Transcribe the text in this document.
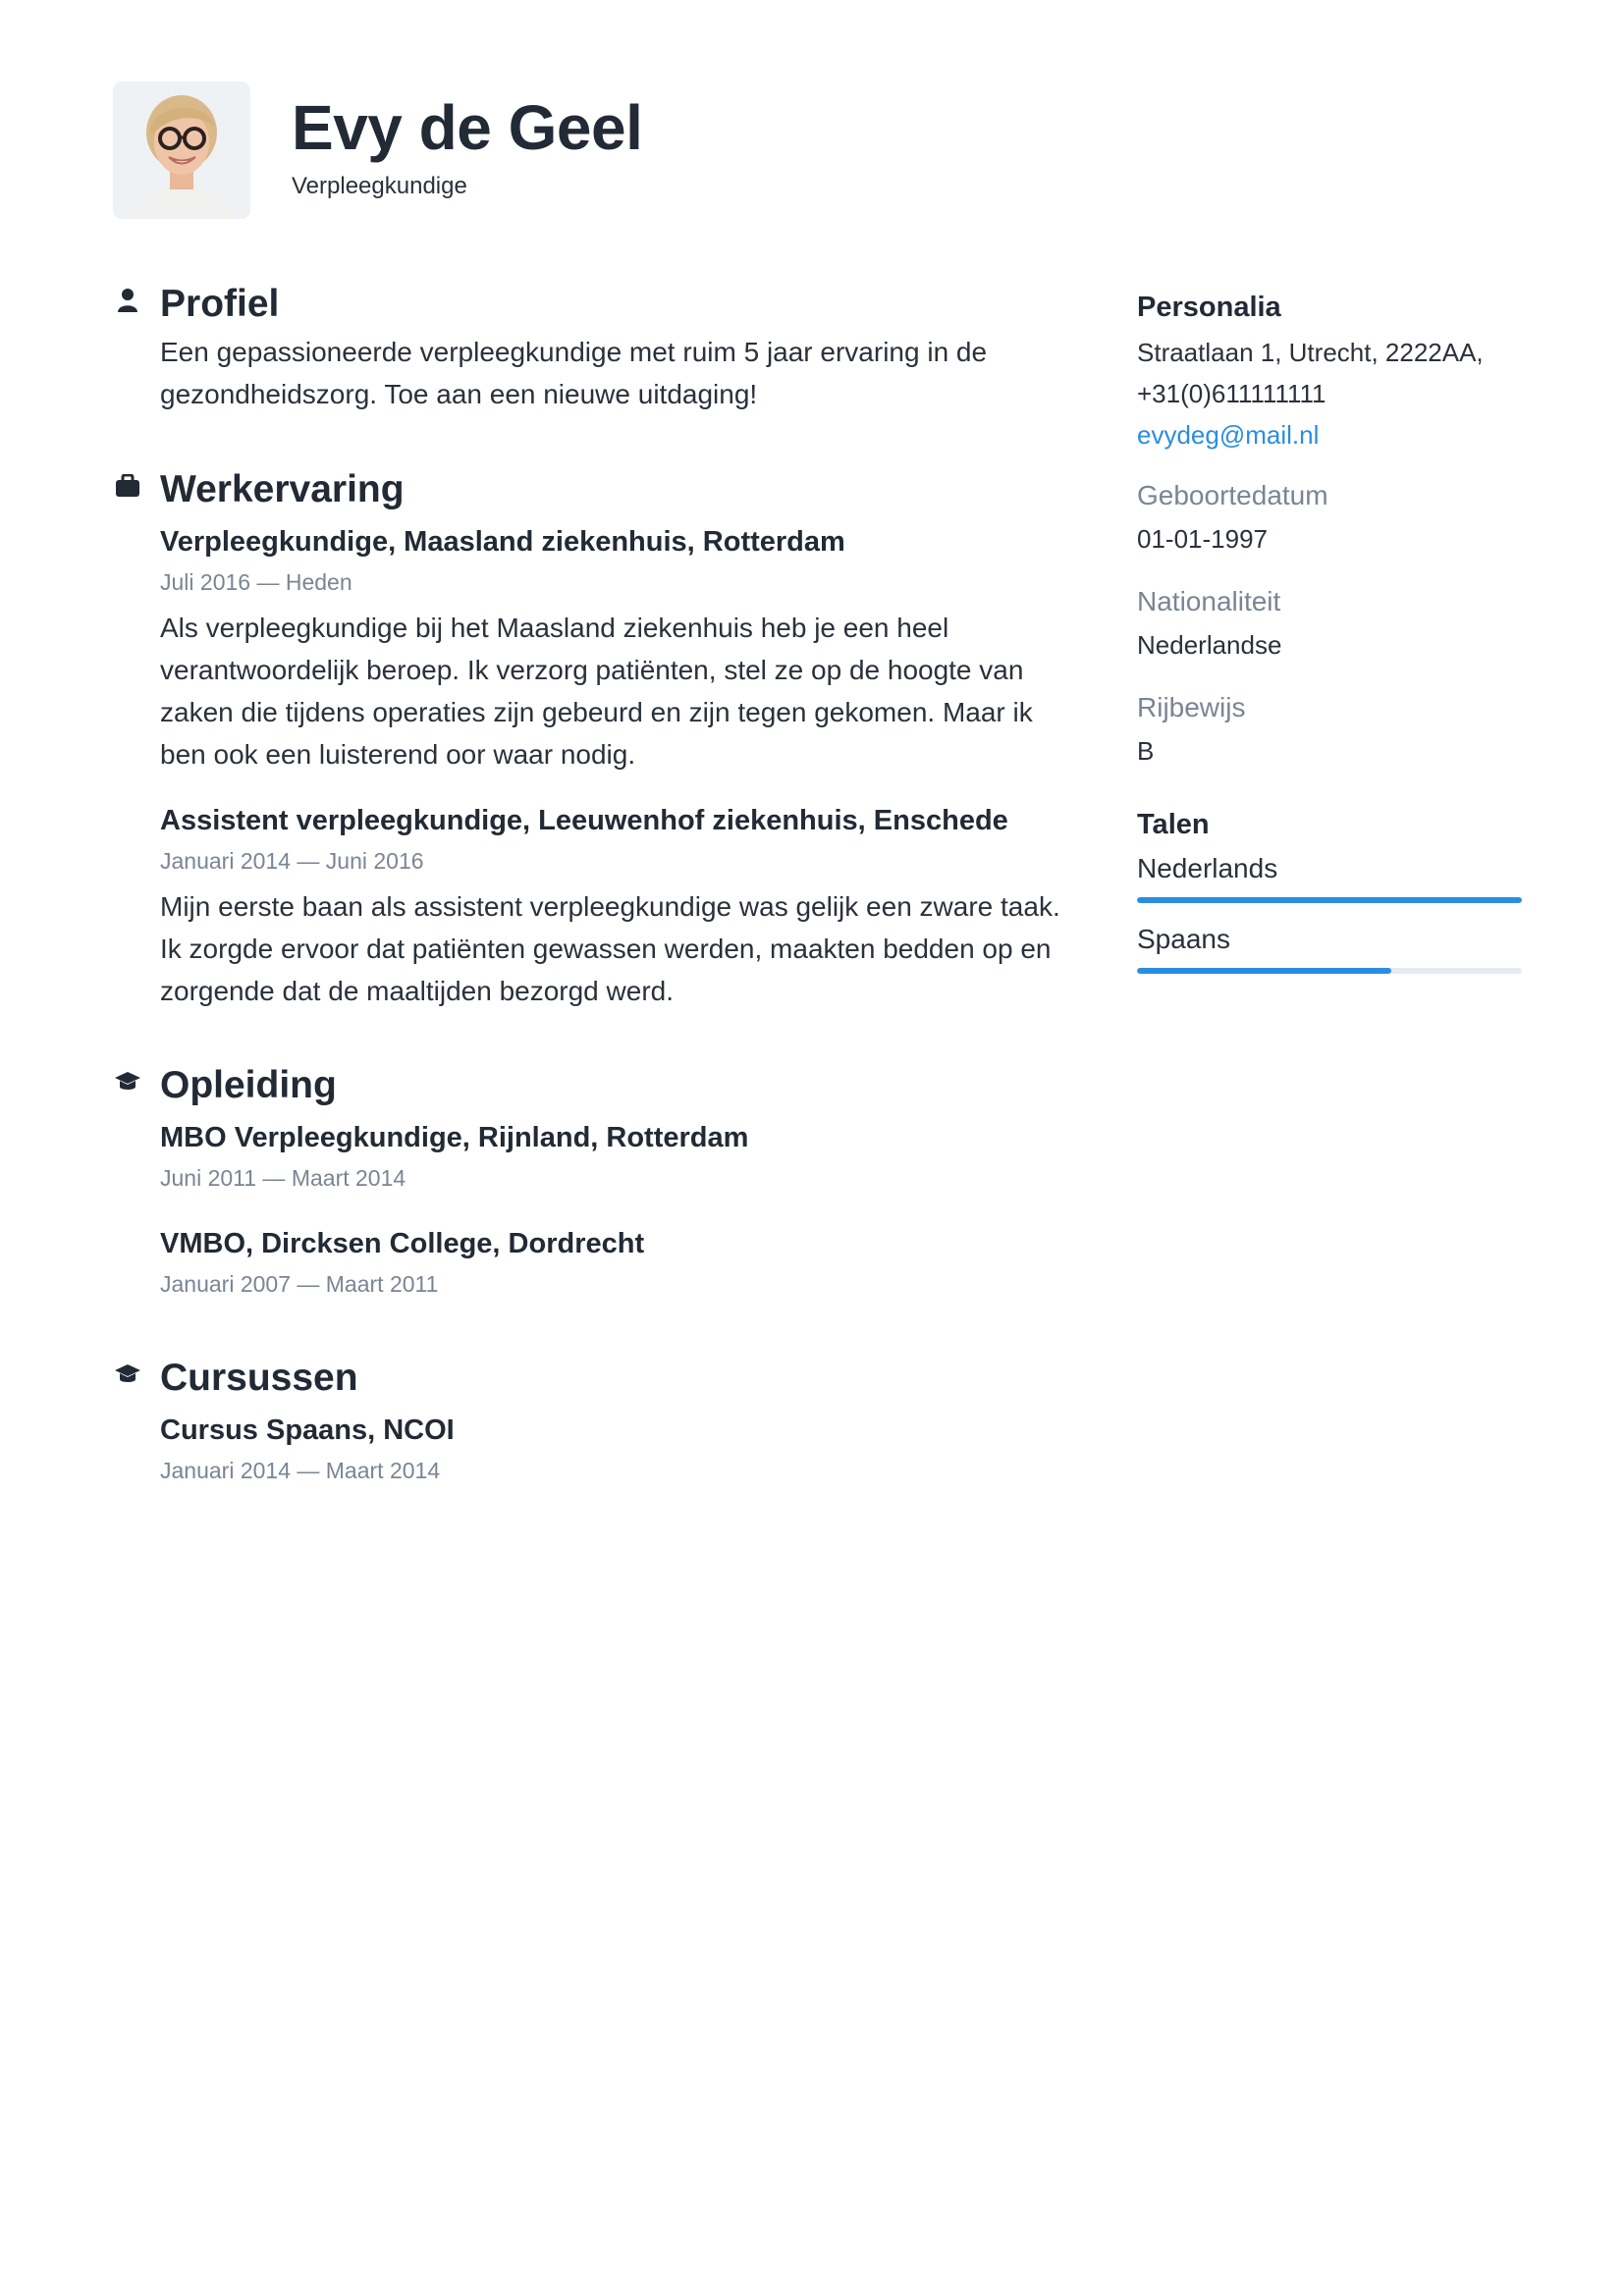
Evy de Geel
Verpleegkundige
Profiel

Een gepassioneerde verpleegkundige met ruim 5 jaar ervaring in de gezondheidszorg. Toe aan een nieuwe uitdaging!

Werkervaring

Verpleegkundige, Maasland ziekenhuis, Rotterdam

Juli 2016 — Heden

Als verpleegkundige bij het Maasland ziekenhuis heb je een heel verantwoordelijk beroep. Ik verzorg patiënten, stel ze op de hoogte van zaken die tijdens operaties zijn gebeurd en zijn tegen gekomen. Maar ik ben ook een luisterend oor waar nodig.

Assistent verpleegkundige, Leeuwenhof ziekenhuis, Enschede

Januari 2014 — Juni 2016

Mijn eerste baan als assistent verpleegkundige was gelijk een zware taak. Ik zorgde ervoor dat patiënten gewassen werden, maakten bedden op en zorgende dat de maaltijden bezorgd werd.

Opleiding

MBO Verpleegkundige, Rijnland, Rotterdam

Juni 2011 — Maart 2014

VMBO, Dircksen College, Dordrecht

Januari 2007 — Maart 2011

Cursussen

Cursus Spaans, NCOI

Januari 2014 — Maart 2014

Personalia

Straatlaan 1, Utrecht, 2222AA,

+31(0)611111111

evydeg@mail.nl

Geboortedatum

01-01-1997

Nationaliteit

Nederlandse

Rijbewijs

B

Talen

Nederlands

Spaans
